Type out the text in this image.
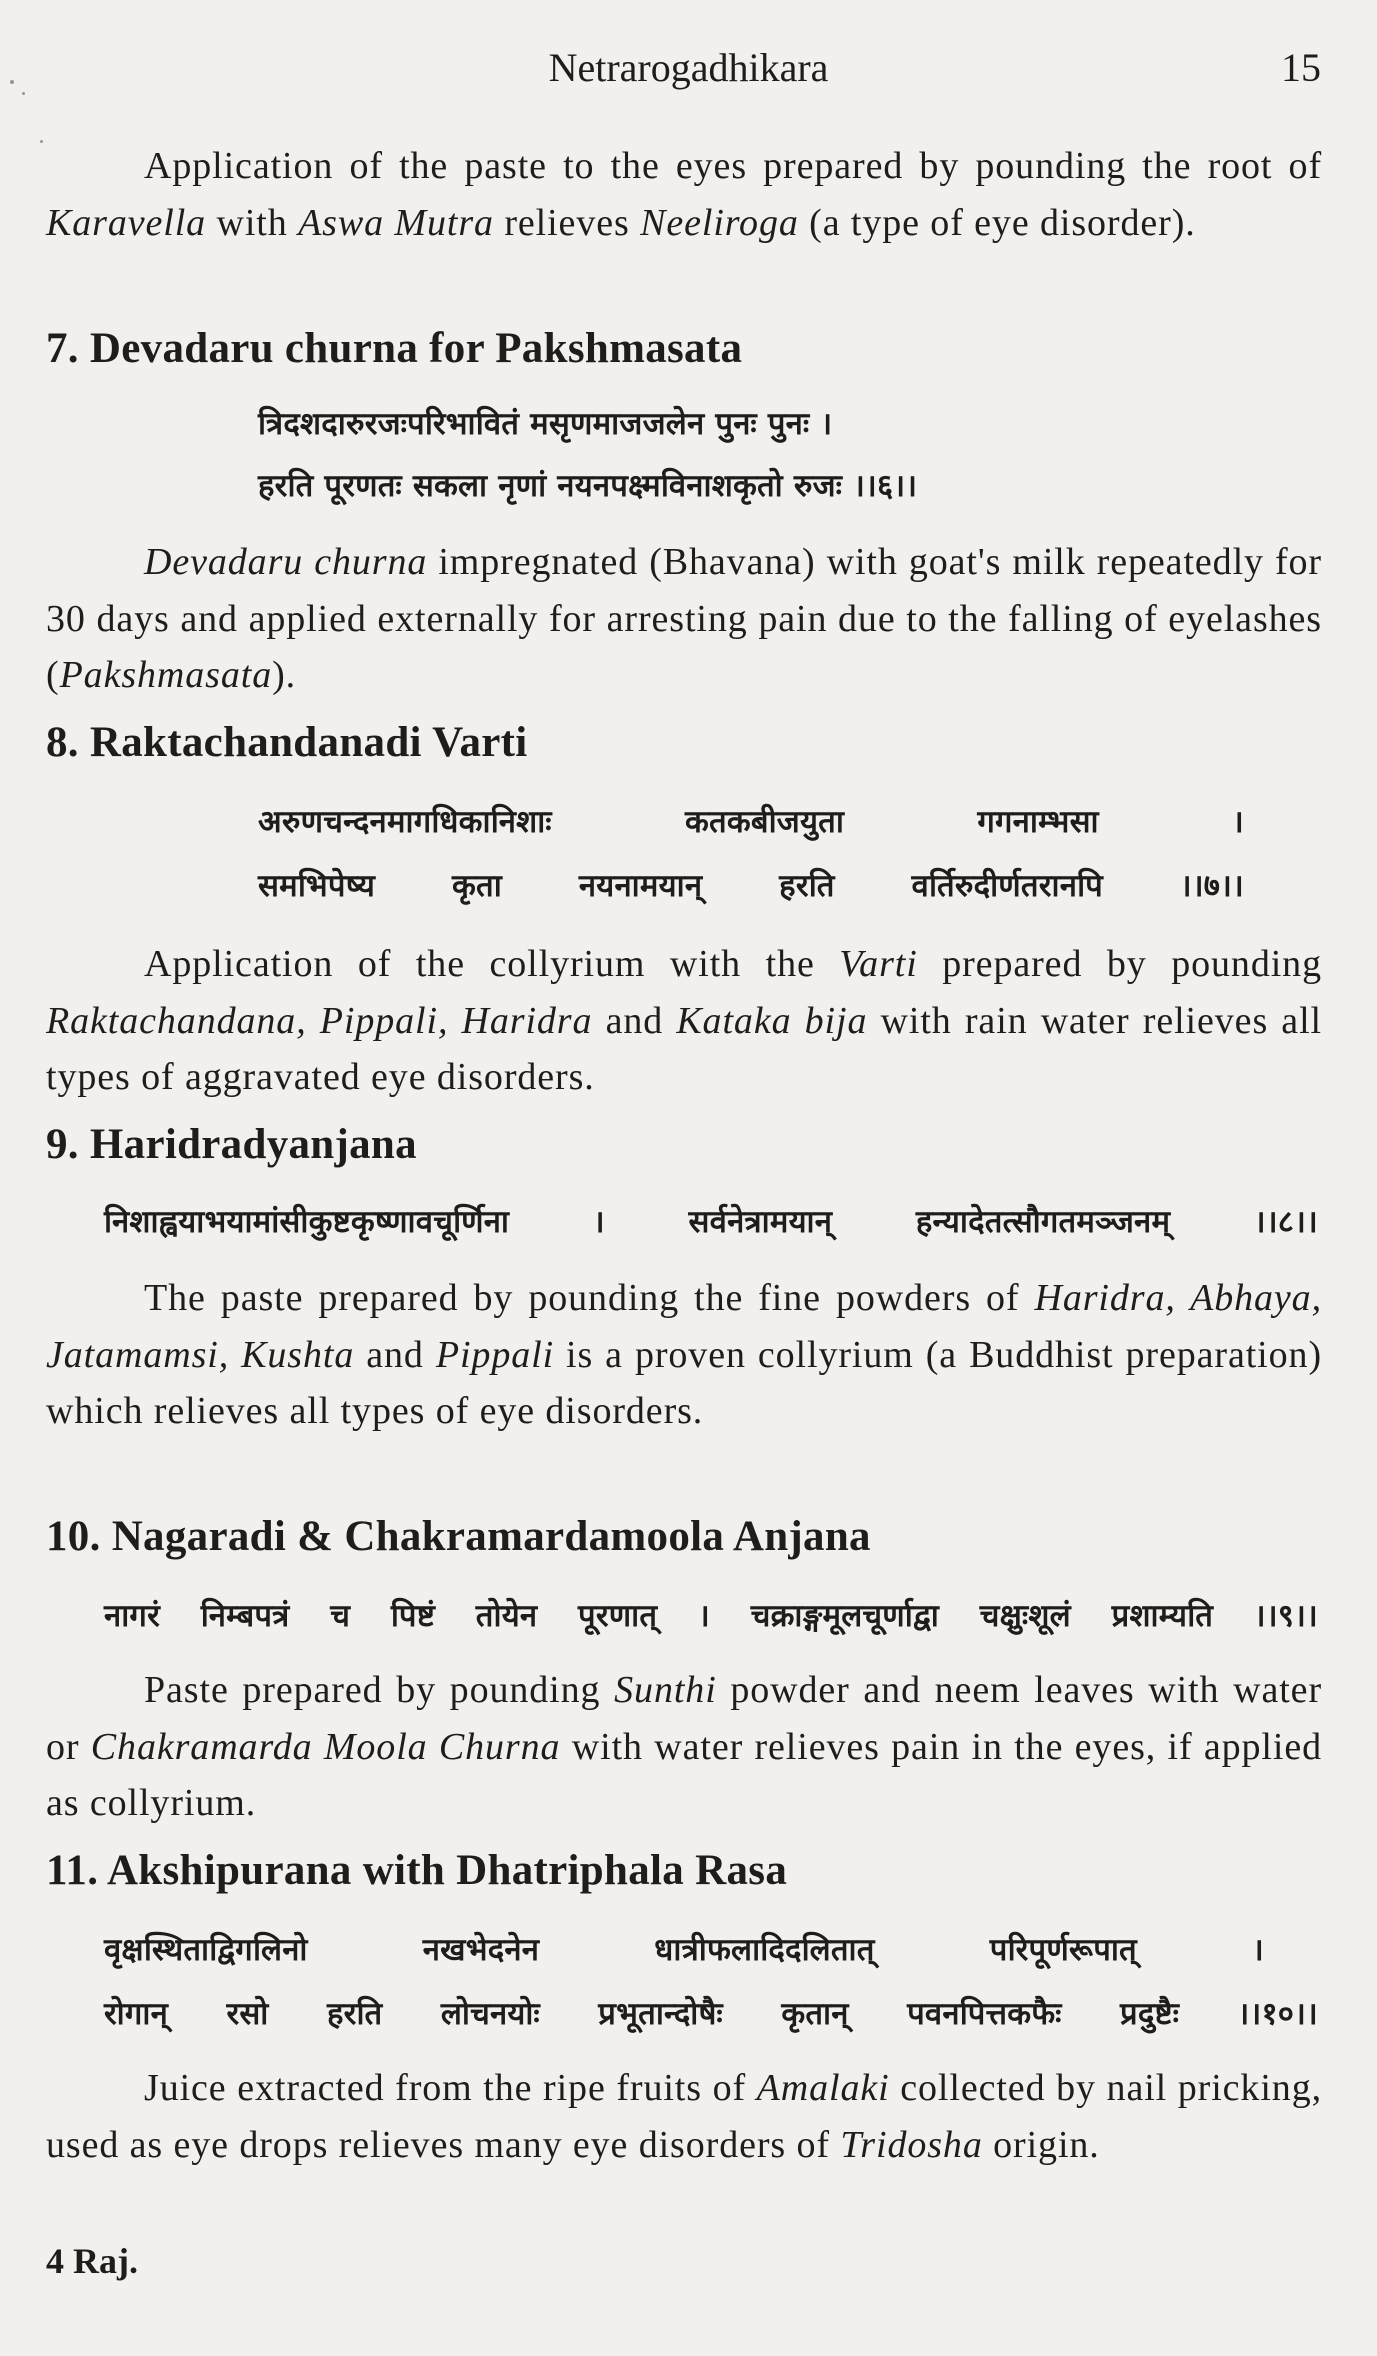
Netrarogadhikara	15
Application of the paste to the eyes prepared by pounding the root of Karavella with Aswa Mutra relieves Neeliroga (a type of eye disorder).
7. Devadaru churna for Pakshmasata
त्रिदशदारुरजःपरिभावितं मसृणमाजजलेन पुनः पुनः ।
हरति पूरणतः सकला नृणां नयनपक्ष्मविनाशकृतो रुजः ।।६।।
Devadaru churna impregnated (Bhavana) with goat's milk repeatedly for 30 days and applied externally for arresting pain due to the falling of eyelashes (Pakshmasata).
8. Raktachandanadi Varti
अरुणचन्दनमागधिकानिशाः कतकबीजयुता गगनाम्भसा ।
समभिपेष्य कृता नयनामयान् हरति वर्तिरुदीर्णतरानपि ।।७।।
Application of the collyrium with the Varti prepared by pounding Raktachandana, Pippali, Haridra and Kataka bija with rain water relieves all types of aggravated eye disorders.
9. Haridradyanjana
निशाह्वयाभयामांसीकुष्टकृष्णावचूर्णिना । सर्वनेत्रामयान् हन्यादेतत्सौगतमञ्जनम् ।।८।।
The paste prepared by pounding the fine powders of Haridra, Abhaya, Jatamamsi, Kushta and Pippali is a proven collyrium (a Buddhist preparation) which relieves all types of eye disorders.
10. Nagaradi & Chakramardamoola Anjana
नागरं निम्बपत्रं च पिष्टं तोयेन पूरणात् । चक्राङ्गमूलचूर्णाद्वा चक्षुःशूलं प्रशाम्यति ।।९।।
Paste prepared by pounding Sunthi powder and neem leaves with water or Chakramarda Moola Churna with water relieves pain in the eyes, if applied as collyrium.
11. Akshipurana with Dhatriphala Rasa
वृक्षस्थिताद्विगलिनो नखभेदनेन धात्रीफलादिदलितात् परिपूर्णरूपात् ।
रोगान् रसो हरति लोचनयोः प्रभूतान्दोषैः कृतान् पवनपित्तकफैः प्रदुष्टैः ।।१०।।
Juice extracted from the ripe fruits of Amalaki collected by nail pricking, used as eye drops relieves many eye disorders of Tridosha origin.
4 Raj.
